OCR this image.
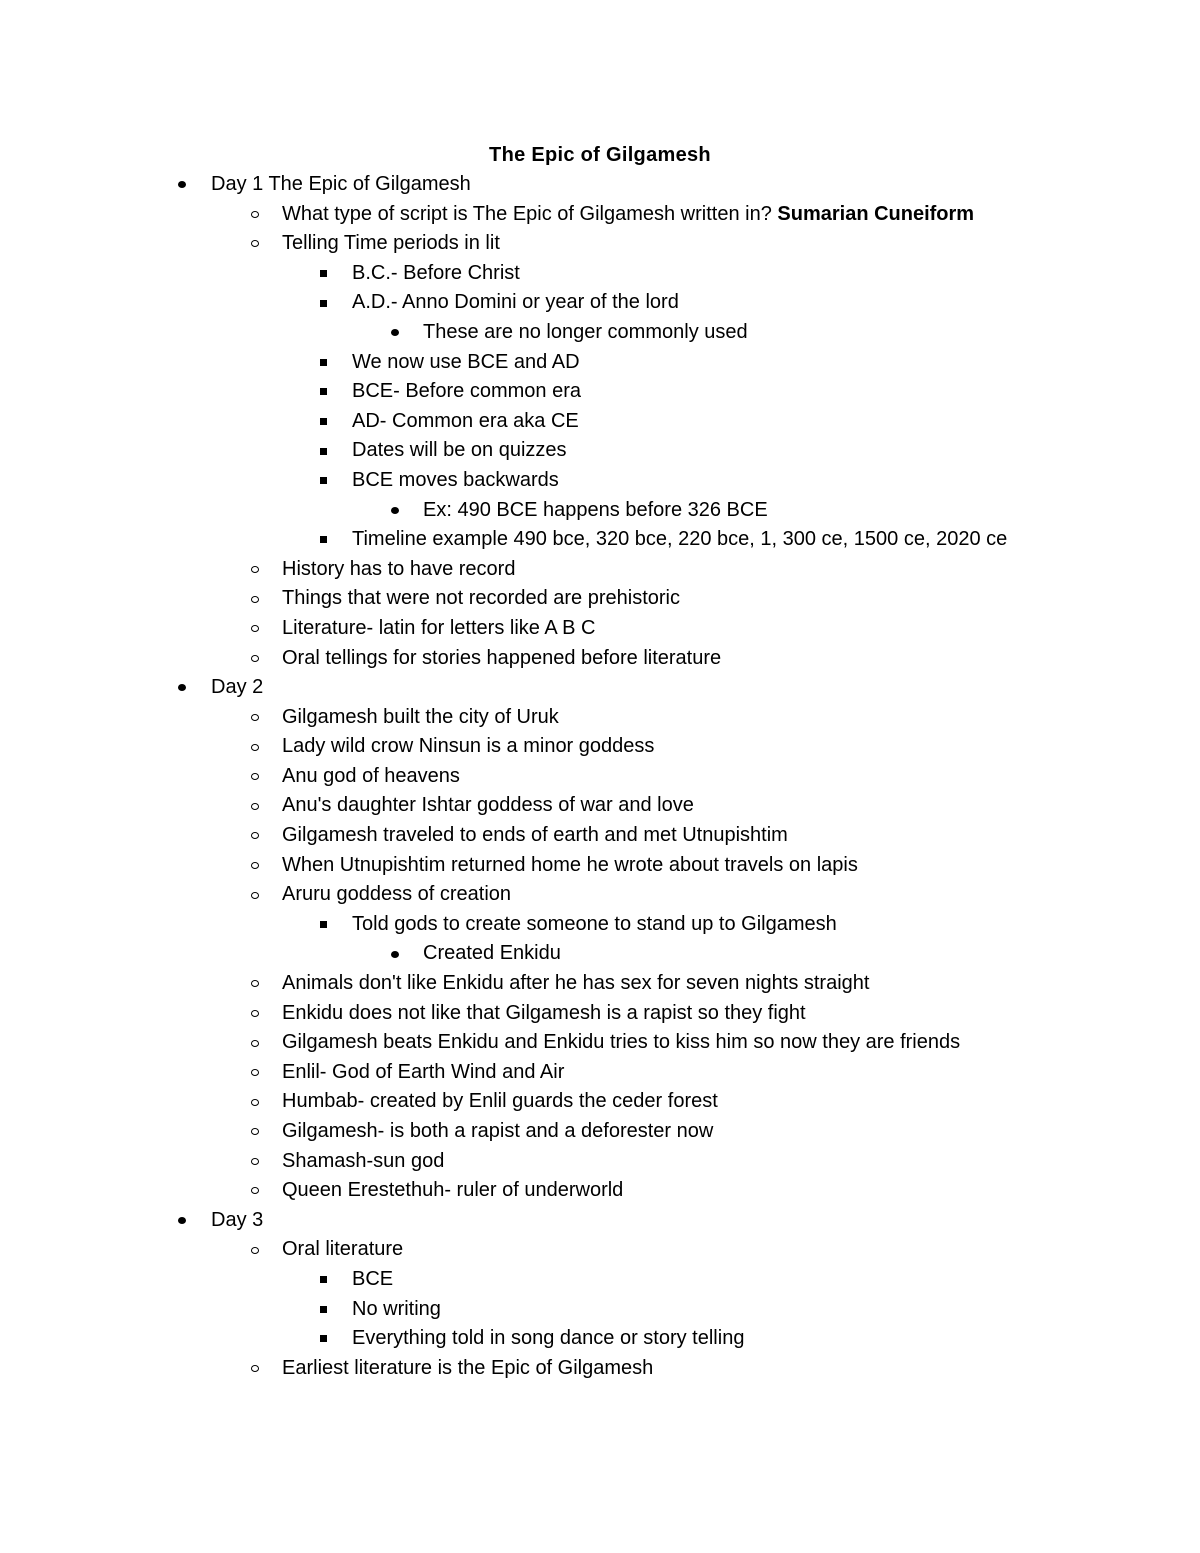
The Epic of Gilgamesh
Day 1 The Epic of Gilgamesh
What type of script is The Epic of Gilgamesh written in? Sumarian Cuneiform
Telling Time periods in lit
B.C.- Before Christ
A.D.- Anno Domini or year of the lord
These are no longer commonly used
We now use BCE and AD
BCE- Before common era
AD- Common era aka CE
Dates will be on quizzes
BCE moves backwards
Ex: 490 BCE happens before 326 BCE
Timeline example 490 bce, 320 bce, 220 bce, 1, 300 ce, 1500 ce, 2020 ce
History has to have record
Things that were not recorded are prehistoric
Literature- latin for letters like A B C
Oral tellings for stories happened before literature
Day 2
Gilgamesh built the city of Uruk
Lady wild crow Ninsun is a minor goddess
Anu god of heavens
Anu's daughter Ishtar goddess of war and love
Gilgamesh traveled to ends of earth and met Utnupishtim
When Utnupishtim returned home he wrote about travels on lapis
Aruru goddess of creation
Told gods to create someone to stand up to Gilgamesh
Created Enkidu
Animals don't like Enkidu after he has sex for seven nights straight
Enkidu does not like that Gilgamesh is a rapist so they fight
Gilgamesh beats Enkidu and Enkidu tries to kiss him so now they are friends
Enlil- God of Earth Wind and Air
Humbab- created by Enlil guards the ceder forest
Gilgamesh- is both a rapist and a deforester now
Shamash-sun god
Queen Erestethuh- ruler of underworld
Day 3
Oral literature
BCE
No writing
Everything told in song dance or story telling
Earliest literature is the Epic of Gilgamesh
